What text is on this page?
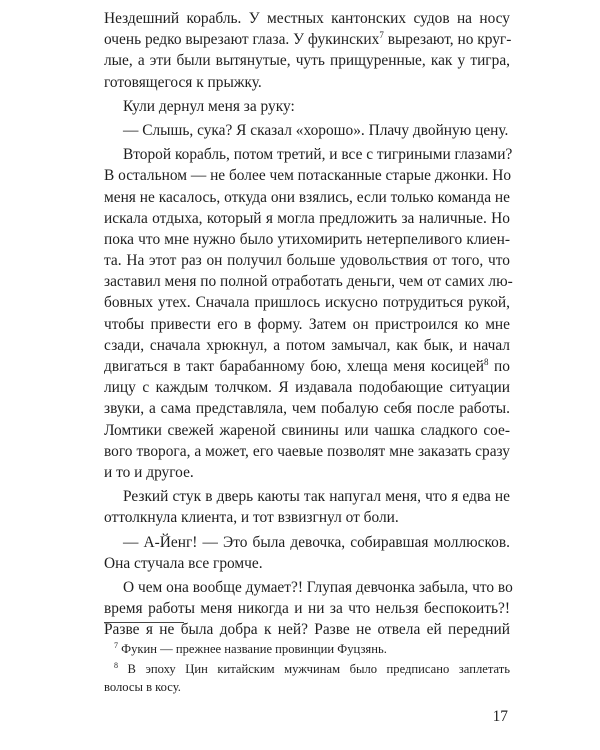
Нездешний корабль. У местных кантонских судов на носу
очень редко вырезают глаза. У фукинских$^7$ вырезают, но круг-
лые, а эти были вытянутые, чуть прищуренные, как у тигра,
готовящегося к прыжку.
Кули дернул меня за руку:
— Слышь, сука? Я сказал «хорошо». Плачу двойную цену.
Второй корабль, потом третий, и все с тигриными глазами?
В остальном — не более чем потасканные старые джонки. Но
меня не касалось, откуда они взялись, если только команда не
искала отдыха, который я могла предложить за наличные. Но
пока что мне нужно было утихомирить нетерпеливого клиен-
та. На этот раз он получил больше удовольствия от того, что
заставил меня по полной отработать деньги, чем от самих лю-
бовных утех. Сначала пришлось искусно потрудиться рукой,
чтобы привести его в форму. Затем он пристроился ко мне
сзади, сначала хрюкнул, а потом замычал, как бык, и начал
двигаться в такт барабанному бою, хлеща меня косицей$^8$ по
лицу с каждым толчком. Я издавала подобающие ситуации
звуки, а сама представляла, чем побалую себя после работы.
Ломтики свежей жареной свинины или чашка сладкого сое-
вого творога, а может, его чаевые позволят мне заказать сразу
и то и другое.
Резкий стук в дверь каюты так напугал меня, что я едва не
оттолкнула клиента, и тот взвизгнул от боли.
— А-Йенг! — Это была девочка, собиравшая моллюсков.
Она стучала все громче.
О чем она вообще думает?! Глупая девчонка забыла, что во
время работы меня никогда и ни за что нельзя беспокоить?!
Разве я не была добра к ней? Разве не отвела ей передний
$^7$ Фукин — прежнее название провинции Фуцзянь.
$^8$ В эпоху Цин китайским мужчинам было предписано заплетать
волосы в косу.
17
